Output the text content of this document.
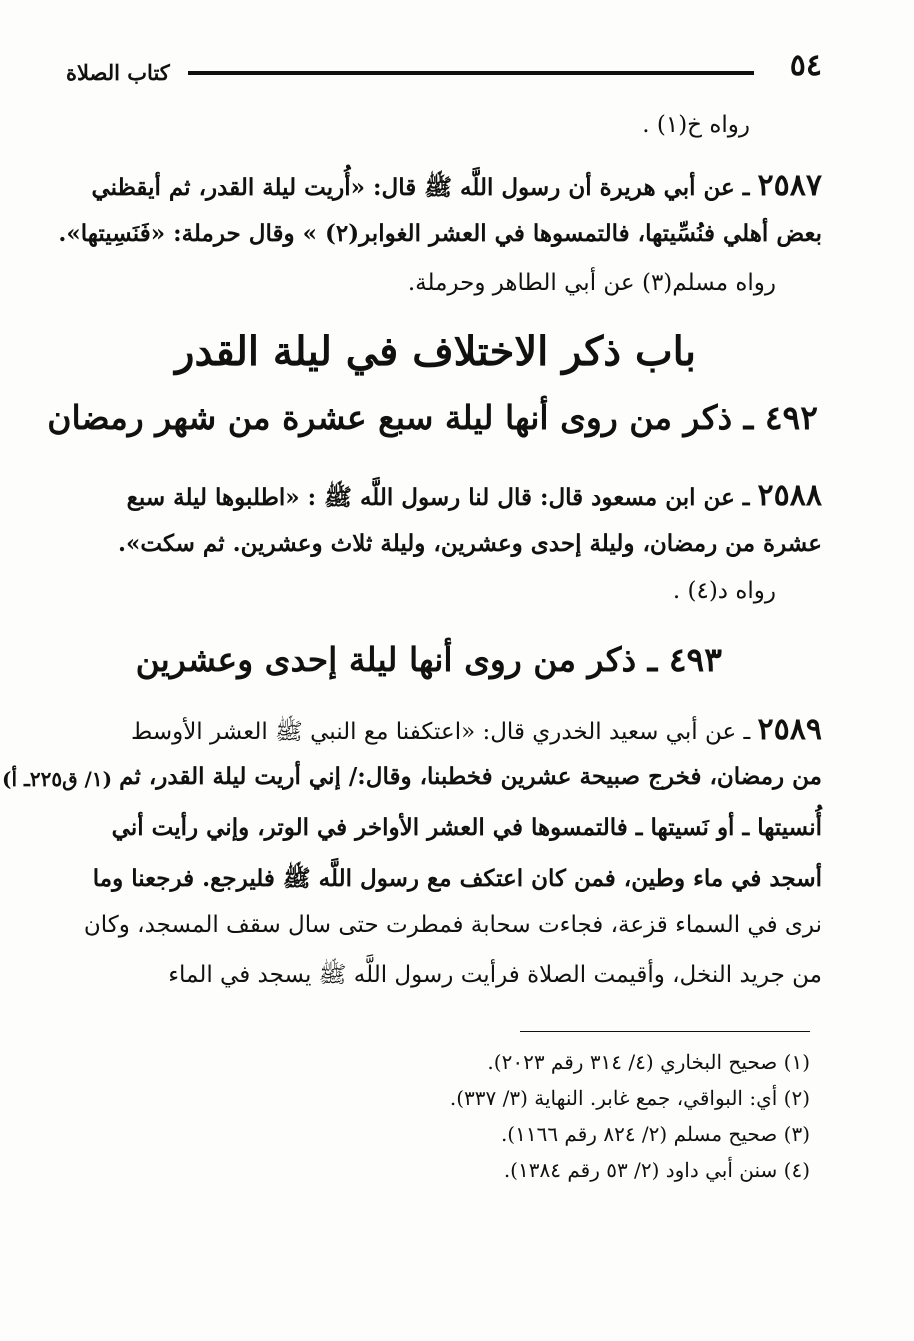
٥٤
كتاب الصلاة
رواه خ(١) .
٢٥٨٧ ـ عن أبي هريرة أن رسول اللَّه ﷺ قال: «أُريت ليلة القدر، ثم أيقظني
بعض أهلي فنُسِّيتها، فالتمسوها في العشر الغوابر(٢) » وقال حرملة: «فَنَسِيتها».
رواه مسلم(٣) عن أبي الطاهر وحرملة.
باب ذكر الاختلاف في ليلة القدر
٤٩٢ ـ ذكر من روى أنها ليلة سبع عشرة من شهر رمضان
٢٥٨٨ ـ عن ابن مسعود قال: قال لنا رسول اللَّه ﷺ : «اطلبوها ليلة سبع
عشرة من رمضان، وليلة إحدى وعشرين، وليلة ثلاث وعشرين. ثم سكت».
رواه د(٤) .
٤٩٣ ـ ذكر من روى أنها ليلة إحدى وعشرين
٢٥٨٩ ـ عن أبي سعيد الخدري قال: «اعتكفنا مع النبي ﷺ العشر الأوسط
من رمضان، فخرج صبيحة عشرين فخطبنا، وقال:/ إني أريت ليلة القدر، ثم
أُنسيتها ـ أو نَسيتها ـ فالتمسوها في العشر الأواخر في الوتر، وإني رأيت أني
أسجد في ماء وطين، فمن كان اعتكف مع رسول اللَّه ﷺ فليرجع. فرجعنا وما
نرى في السماء قزعة، فجاءت سحابة فمطرت حتى سال سقف المسجد، وكان
من جريد النخل، وأقيمت الصلاة فرأيت رسول اللَّه ﷺ يسجد في الماء
(١/ ق٢٢٥ـ أ)
(١) صحيح البخاري (٤/ ٣١٤ رقم ٢٠٢٣).
(٢) أي: البواقي، جمع غابر. النهاية (٣/ ٣٣٧).
(٣) صحيح مسلم (٢/ ٨٢٤ رقم ١١٦٦).
(٤) سنن أبي داود (٢/ ٥٣ رقم ١٣٨٤).
